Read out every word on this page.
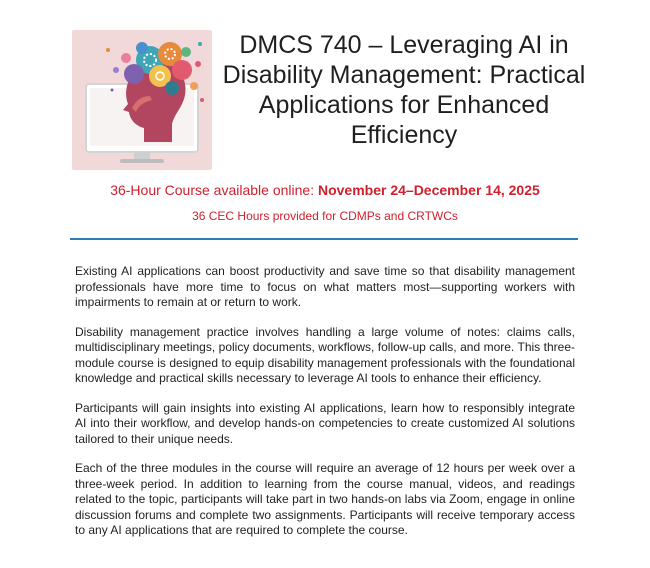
DMCS 740 – Leveraging AI in Disability Management: Practical Applications for Enhanced Efficiency

36-Hour Course available online: November 24–December 14, 2025

36 CEC Hours provided for CDMPs and CRTWCs

Existing AI applications can boost productivity and save time so that disability management professionals have more time to focus on what matters most—supporting workers with impairments to remain at or return to work.

Disability management practice involves handling a large volume of notes: claims calls, multidisciplinary meetings, policy documents, workflows, follow-up calls, and more. This three-module course is designed to equip disability management professionals with the foundational knowledge and practical skills necessary to leverage AI tools to enhance their efficiency.

Participants will gain insights into existing AI applications, learn how to responsibly integrate AI into their workflow, and develop hands-on competencies to create customized AI solutions tailored to their unique needs.

Each of the three modules in the course will require an average of 12 hours per week over a three-week period. In addition to learning from the course manual, videos, and readings related to the topic, participants will take part in two hands-on labs via Zoom, engage in online discussion forums and complete two assignments. Participants will receive temporary access to any AI applications that are required to complete the course.
